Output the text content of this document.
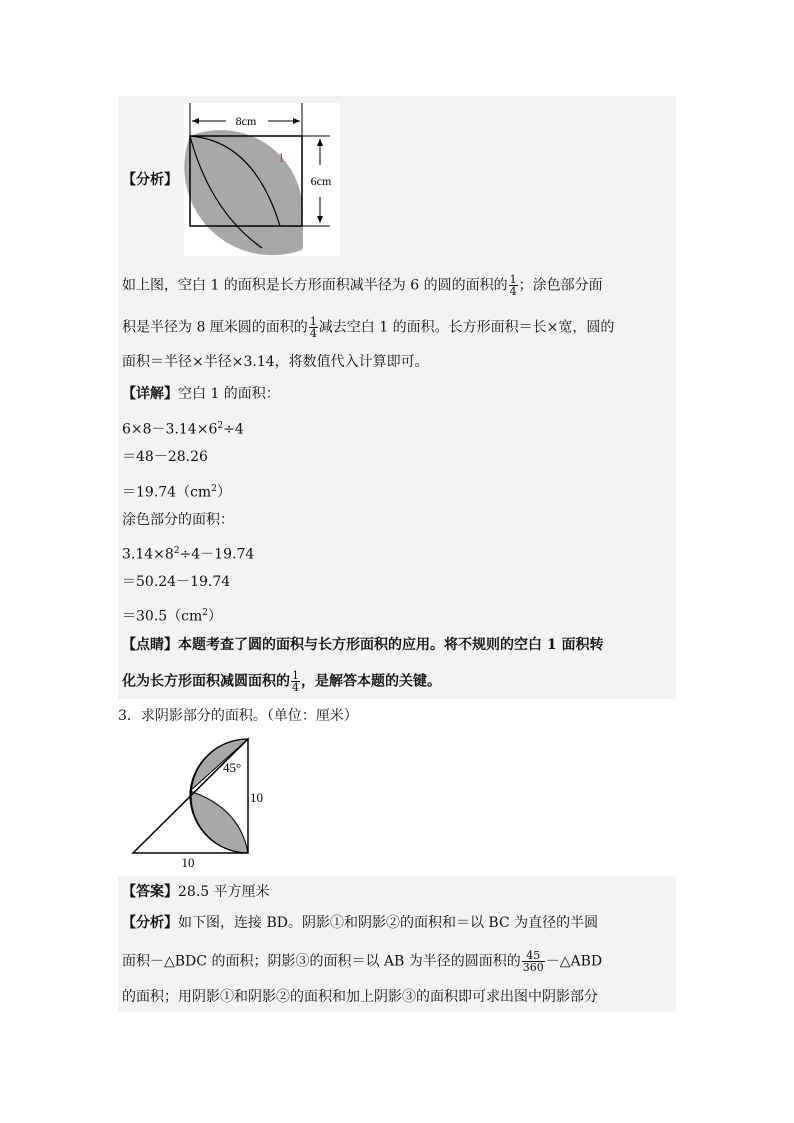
8cm
6cm
1
【分析】
如上图，空白 1 的面积是长方形面积减半径为 6 的圆的面积的 $\frac{1}{4}$ ；涂色部分面
积是半径为 8 厘米圆的面积的 $\frac{1}{4}$ 减去空白 1 的面积。长方形面积＝长×宽，圆的
面积＝半径×半径×3.14，将数值代入计算即可。
【详解】空白 1 的面积：
$6\times 8-3.14\times 6^2\div 4$
＝48－28.26
$=19.74(cm^2)$
涂色部分的面积：
$3.14\times 8^2\div 4-19.74$
＝50.24－19.74
$=30.5(cm^2)$
【点睛】本题考查了圆的面积与长方形面积的应用。将不规则的空白 1 面积转
化为长方形面积减圆面积的 $\frac{1}{4}$ ，是解答本题的关键。
3．求阴影部分的面积。（单位：厘米）
45°
10
10
【答案】28.5 平方厘米
【分析】如下图，连接 BD。阴影①和阴影②的面积和＝以 BC 为直径的半圆
面积－△BDC 的面积；阴影③的面积＝以 AB 为半径的圆面积的 $\frac{45}{360}$ －△ABD
的面积；用阴影①和阴影②的面积和加上阴影③的面积即可求出图中阴影部分
